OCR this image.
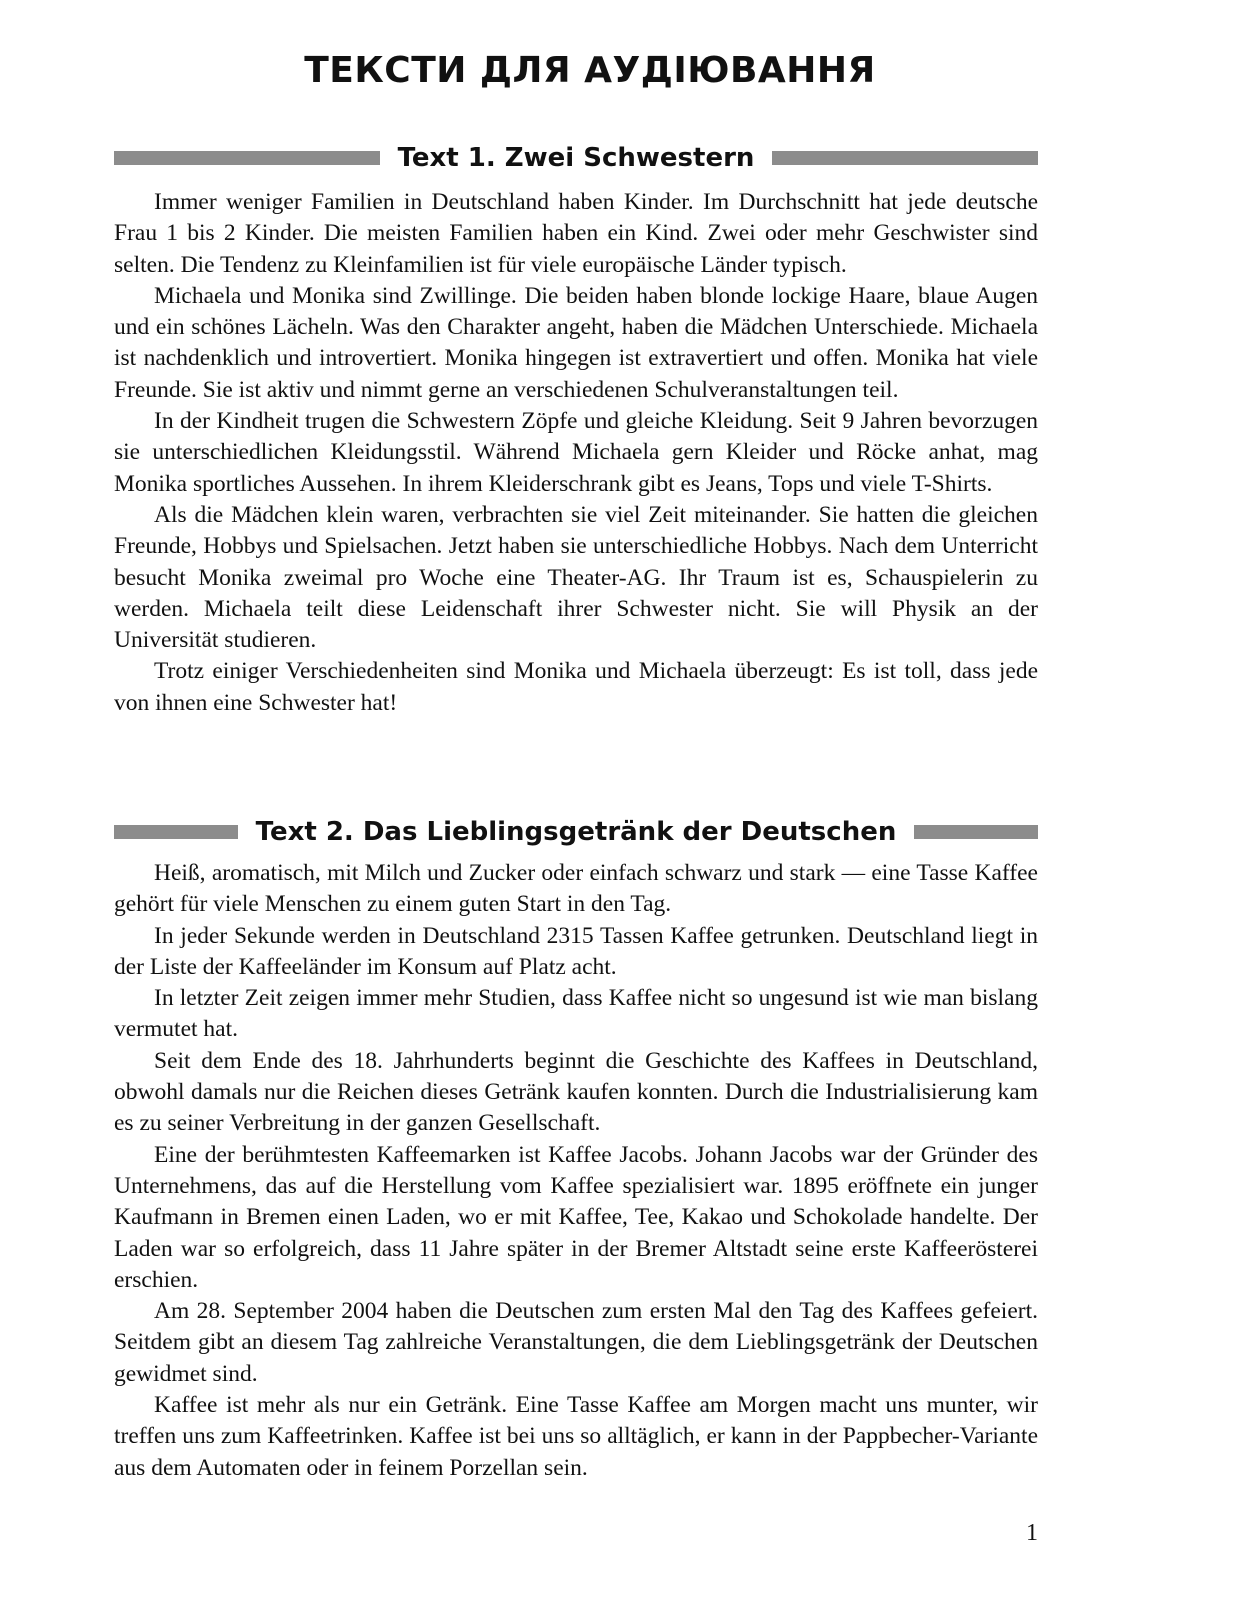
ТЕКСТИ ДЛЯ АУДІЮВАННЯ
Text 1. Zwei Schwestern

Immer weniger Familien in Deutschland haben Kinder. Im Durchschnitt hat jede deutsche Frau 1 bis 2 Kinder. Die meisten Familien haben ein Kind. Zwei oder mehr Geschwister sind selten. Die Tendenz zu Kleinfamilien ist für viele europäische Länder typisch.

Michaela und Monika sind Zwillinge. Die beiden haben blonde lockige Haare, blaue Augen und ein schönes Lächeln. Was den Charakter angeht, haben die Mädchen Unterschiede. Michaela ist nachdenklich und introvertiert. Monika hingegen ist extravertiert und offen. Monika hat viele Freunde. Sie ist aktiv und nimmt gerne an verschiedenen Schulveranstaltungen teil.

In der Kindheit trugen die Schwestern Zöpfe und gleiche Kleidung. Seit 9 Jahren bevorzugen sie unterschiedlichen Kleidungsstil. Während Michaela gern Kleider und Röcke anhat, mag Monika sportliches Aussehen. In ihrem Kleiderschrank gibt es Jeans, Tops und viele T-Shirts.

Als die Mädchen klein waren, verbrachten sie viel Zeit miteinander. Sie hatten die gleichen Freunde, Hobbys und Spielsachen. Jetzt haben sie unterschiedliche Hobbys. Nach dem Unterricht besucht Monika zweimal pro Woche eine Theater-AG. Ihr Traum ist es, Schauspielerin zu werden. Michaela teilt diese Leidenschaft ihrer Schwester nicht. Sie will Physik an der Universität studieren.

Trotz einiger Verschiedenheiten sind Monika und Michaela überzeugt: Es ist toll, dass jede von ihnen eine Schwester hat!

Text 2. Das Lieblingsgetränk der Deutschen

Heiß, aromatisch, mit Milch und Zucker oder einfach schwarz und stark — eine Tasse Kaffee gehört für viele Menschen zu einem guten Start in den Tag.

In jeder Sekunde werden in Deutschland 2315 Tassen Kaffee getrunken. Deutschland liegt in der Liste der Kaffeeländer im Konsum auf Platz acht.

In letzter Zeit zeigen immer mehr Studien, dass Kaffee nicht so ungesund ist wie man bislang vermutet hat.

Seit dem Ende des 18. Jahrhunderts beginnt die Geschichte des Kaffees in Deutschland, obwohl damals nur die Reichen dieses Getränk kaufen konnten. Durch die Industrialisierung kam es zu seiner Verbreitung in der ganzen Gesellschaft.

Eine der berühmtesten Kaffeemarken ist Kaffee Jacobs. Johann Jacobs war der Gründer des Unternehmens, das auf die Herstellung vom Kaffee spezialisiert war. 1895 eröffnete ein junger Kaufmann in Bremen einen Laden, wo er mit Kaffee, Tee, Kakao und Schokolade handelte. Der Laden war so erfolgreich, dass 11 Jahre später in der Bremer Altstadt seine erste Kaffeerösterei erschien.

Am 28. September 2004 haben die Deutschen zum ersten Mal den Tag des Kaffees gefeiert. Seitdem gibt an diesem Tag zahlreiche Veranstaltungen, die dem Lieblingsgetränk der Deutschen gewidmet sind.

Kaffee ist mehr als nur ein Getränk. Eine Tasse Kaffee am Morgen macht uns munter, wir treffen uns zum Kaffeetrinken. Kaffee ist bei uns so alltäglich, er kann in der Pappbecher-Variante aus dem Automaten oder in feinem Porzellan sein.

1
